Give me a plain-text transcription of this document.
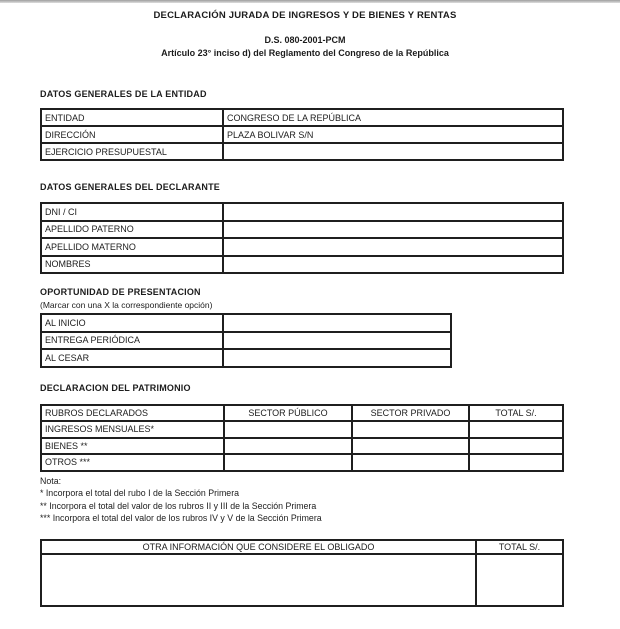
DECLARACIÓN JURADA DE INGRESOS Y DE BIENES Y RENTAS
D.S. 080-2001-PCM
Artículo 23° inciso d) del Reglamento del Congreso de la República
DATOS GENERALES DE LA ENTIDAD
ENTIDAD	CONGRESO DE LA REPÚBLICA
DIRECCIÓN	PLAZA BOLIVAR S/N
EJERCICIO PRESUPUESTAL	
DATOS GENERALES DEL DECLARANTE
DNI / CI	
APELLIDO PATERNO	
APELLIDO MATERNO	
NOMBRES	
OPORTUNIDAD DE PRESENTACION
(Marcar con una X la correspondiente opción)
AL INICIO	
ENTREGA PERIÓDICA	
AL CESAR	
DECLARACION DEL PATRIMONIO
RUBROS DECLARADOS	SECTOR PÚBLICO	SECTOR PRIVADO	TOTAL S/.
INGRESOS MENSUALES*			
BIENES **			
OTROS ***			
Nota:
* Incorpora el total del rubo I de la Sección Primera
** Incorpora el total del valor de los rubros II y III de la Sección Primera
*** Incorpora el total del valor de los rubros IV y V de la Sección Primera
OTRA INFORMACIÓN QUE CONSIDERE EL OBLIGADO	TOTAL S/.
